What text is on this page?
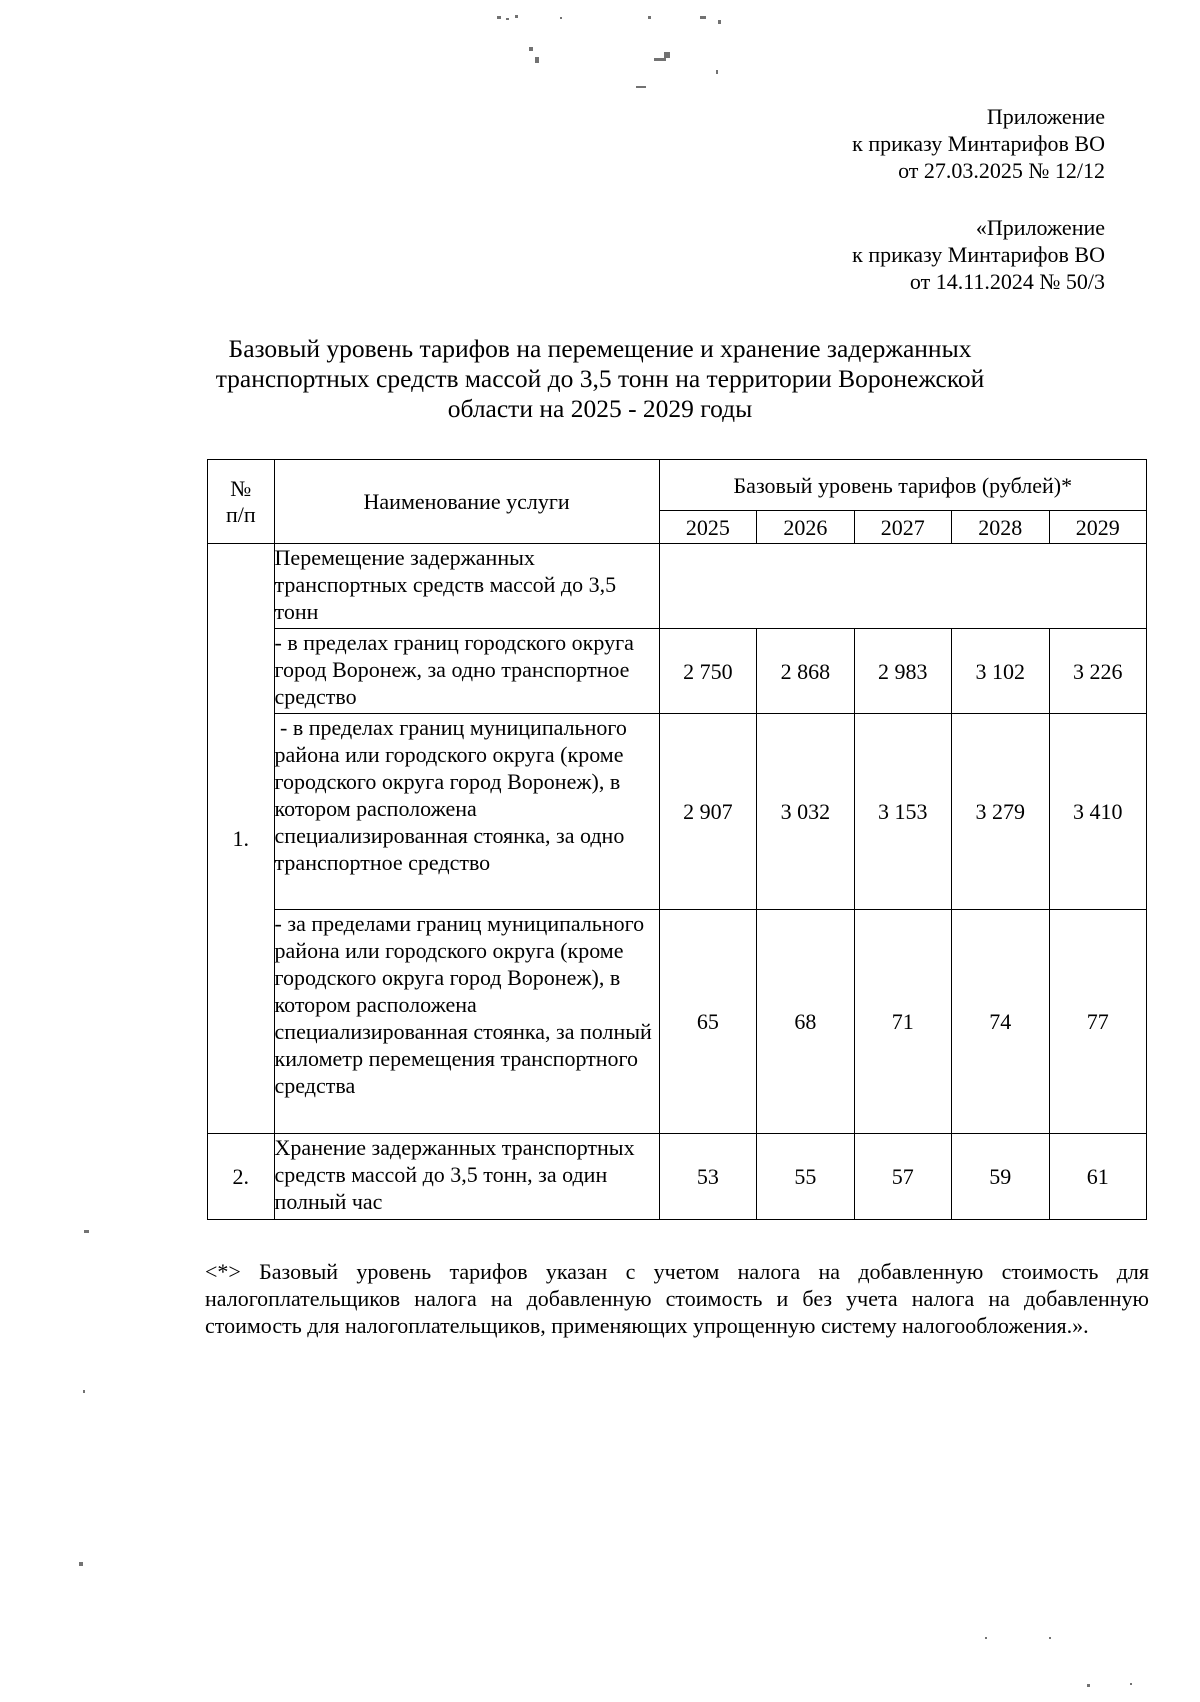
Приложение
к приказу Минтарифов ВО
от 27.03.2025 № 12/12
«Приложение
к приказу Минтарифов ВО
от 14.11.2024 № 50/3
Базовый уровень тарифов на перемещение и хранение задержанных транспортных средств массой до 3,5 тонн на территории Воронежской области на 2025 - 2029 годы
№
п/п	Наименование услуги	Базовый уровень тарифов (рублей)*				
		2025	2026	2027	2028	2029
1.	Перемещение задержанных транспортных средств массой до 3,5 тонн					
	- в пределах границ городского округа город Воронеж, за одно транспортное средство	2 750	2 868	2 983	3 102	3 226
	- в пределах границ муниципального района или городского округа (кроме городского округа город Воронеж), в котором расположена специализированная стоянка, за одно транспортное средство	2 907	3 032	3 153	3 279	3 410
	- за пределами границ муниципального района или городского округа (кроме городского округа город Воронеж), в котором расположена специализированная стоянка, за полный километр перемещения транспортного средства	65	68	71	74	77
2.	Хранение задержанных транспортных средств массой до 3,5 тонн, за один полный час	53	55	57	59	61
<*> Базовый уровень тарифов указан с учетом налога на добавленную стоимость для налогоплательщиков налога на добавленную стоимость и без учета налога на добавленную стоимость для налогоплательщиков, применяющих упрощенную систему налогообложения.».
